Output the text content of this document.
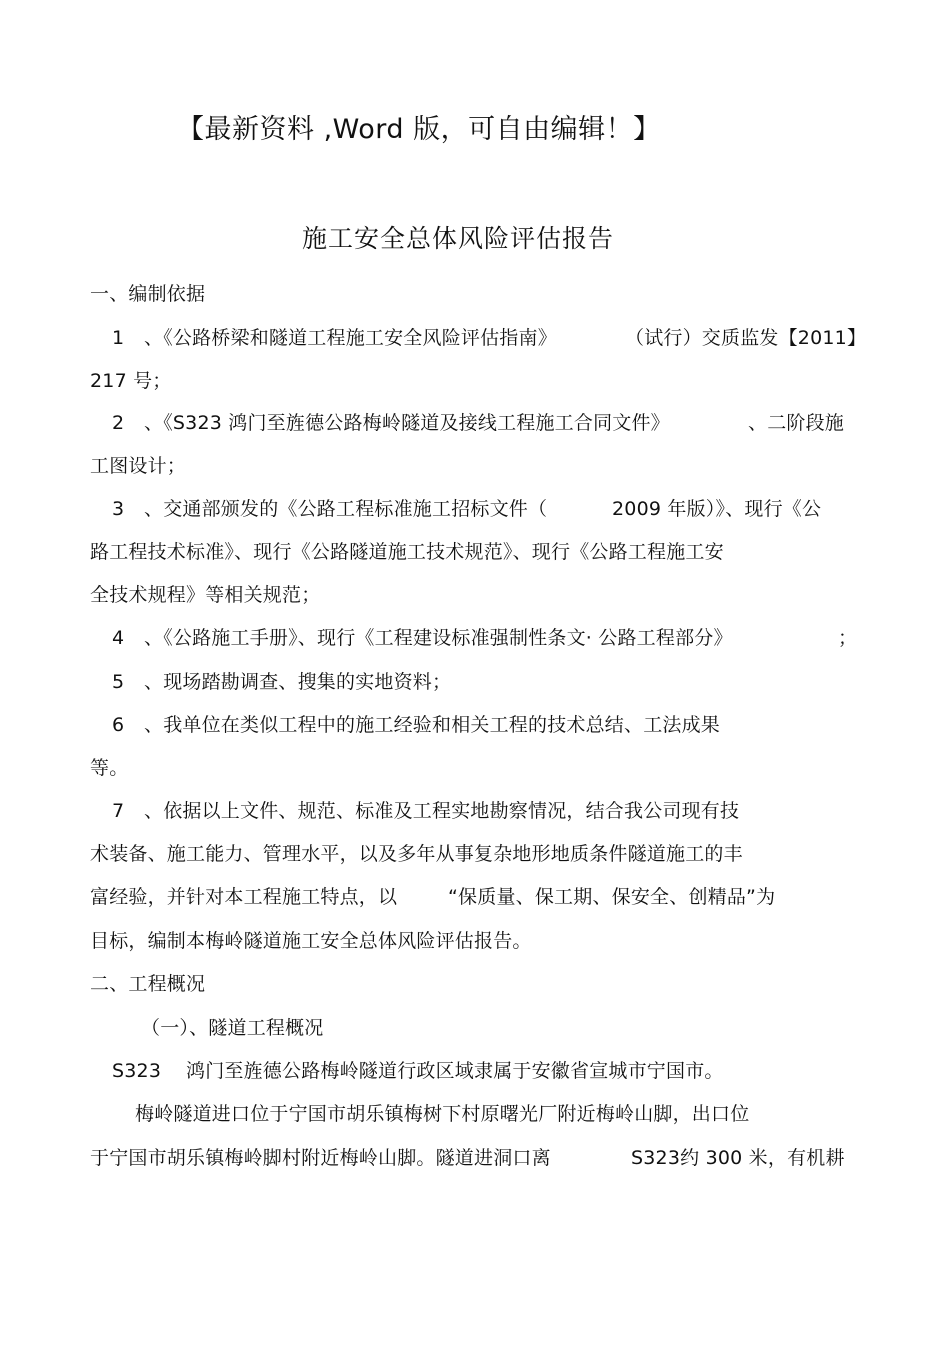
【最新资料 ,Word 版，可自由编辑！】
施工安全总体风险评估报告
一、编制依据
1 、《公路桥梁和隧道工程施工安全风险评估指南》	（试行）交质监发【2011】
217 号；
2 、《S323 鸿门至旌德公路梅岭隧道及接线工程施工合同文件》	、二阶段施
工图设计；
3 、交通部颁发的《公路工程标准施工招标文件（	2009 年版）》、现行《公
路工程技术标准》、现行《公路隧道施工技术规范》、现行《公路工程施工安
全技术规程》等相关规范；
4 、《公路施工手册》、现行《工程建设标准强制性条文· 公路工程部分》	；
5 、现场踏勘调查、搜集的实地资料；
6 、我单位在类似工程中的施工经验和相关工程的技术总结、工法成果
等。
7 、依据以上文件、规范、标准及工程实地勘察情况，结合我公司现有技
术装备、施工能力、管理水平，以及多年从事复杂地形地质条件隧道施工的丰
富经验，并针对本工程施工特点，以	“保质量、保工期、保安全、创精品”为
目标，编制本梅岭隧道施工安全总体风险评估报告。
二、工程概况
（一）、隧道工程概况
S323 鸿门至旌德公路梅岭隧道行政区域隶属于安徽省宣城市宁国市。
梅岭隧道进口位于宁国市胡乐镇梅树下村原曙光厂附近梅岭山脚，出口位
于宁国市胡乐镇梅岭脚村附近梅岭山脚。隧道进洞口离	S323约 300 米，有机耕
